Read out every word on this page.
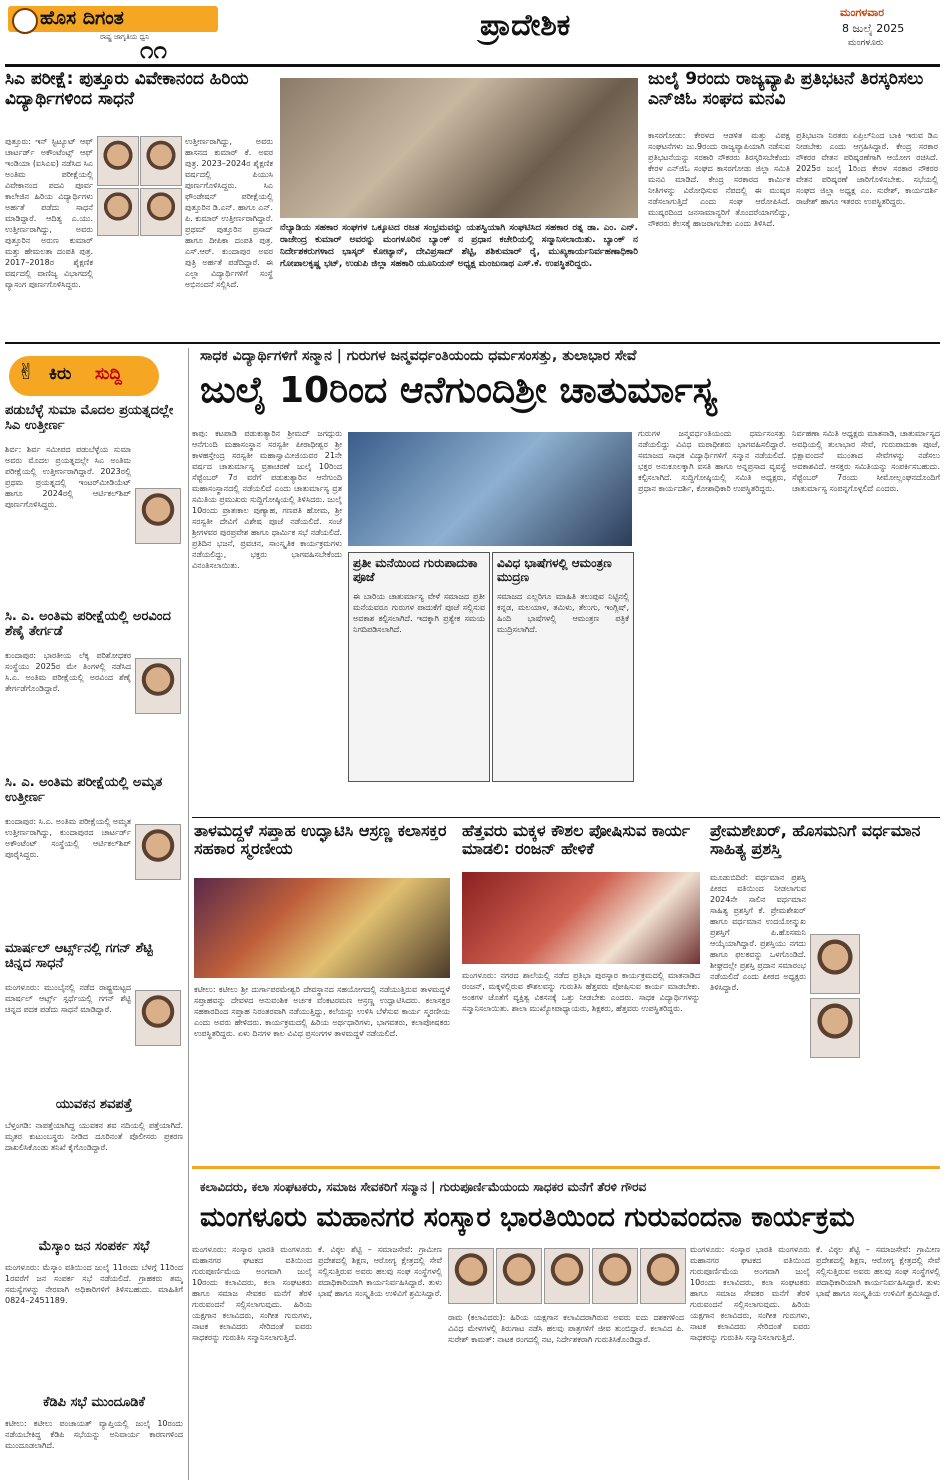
ಹೊಸ ದಿಗಂತ
ರಾಷ್ಟ್ರ ಜಾಗೃತಿಯ ಧ್ವನಿ
೧೧
ಪ್ರಾದೇಶಿಕ	ಮಂಗಳವಾರ
8 ಜುಲೈ 2025
ಮಂಗಳೂರು
ಸಿಎ ಪರೀಕ್ಷೆ: ಪುತ್ತೂರು ವಿವೇಕಾನಂದ ಹಿರಿಯ ವಿದ್ಯಾರ್ಥಿಗಳಿಂದ ಸಾಧನೆ
ಪುತ್ತೂರು: ಇನ್ ಸ್ಟಿಟ್ಯೂಟ್ ಆಫ್ ಚಾರ್ಟರ್ಡ್ ಅಕೌಂಟೆಂಟ್ಸ್ ಆಫ್ ಇಂಡಿಯಾ (ಐಸಿಎಐ) ನಡೆಸಿದ ಸಿಎ ಅಂತಿಮ ಪರೀಕ್ಷೆಯಲ್ಲಿ ವಿವೇಕಾನಂದ ಪದವಿ ಪೂರ್ವ ಕಾಲೇಜಿನ ಹಿರಿಯ ವಿದ್ಯಾರ್ಥಿಗಳು ಅರ್ಹತೆ ಪಡೆದು ಸಾಧನೆ ಮಾಡಿದ್ದಾರೆ. ಆದಿತ್ಯ ಎ.ಯು. ಉತ್ತೀರ್ಣರಾಗಿದ್ದು, ಅವರು ಪುತ್ತೂರಿನ ಅರುಣ ಕುಮಾರ್ ಮತ್ತು ಹೇಮಲತಾ ದಂಪತಿ ಪುತ್ರ. 2017–2018ರ ಶೈಕ್ಷಣಿಕ ವರ್ಷದಲ್ಲಿ ವಾಣಿಜ್ಯ ವಿಭಾಗದಲ್ಲಿ ವ್ಯಾಸಂಗ ಪೂರ್ಣಗೊಳಿಸಿದ್ದರು.
ಉತ್ತೀರ್ಣರಾಗಿದ್ದು, ಅವರು ಹಾಸನದ ಕುಮಾರ್ ಕೆ. ಅವರ ಪುತ್ರ. 2023–2024ರ ಶೈಕ್ಷಣಿಕ ವರ್ಷದಲ್ಲಿ ಪಿಯುಸಿ ಪೂರ್ಣಗೊಳಿಸಿದ್ದರು. ಸಿಎ ಫೌಂಡೇಷನ್ ಪರೀಕ್ಷೆಯಲ್ಲಿ ಪುತ್ತೂರಿನ ಡಿ.ಎನ್. ಹಾಗೂ ಎನ್. ಪಿ. ಕುಮಾರ್ ಉತ್ತೀರ್ಣರಾಗಿದ್ದಾರೆ. ಪ್ರಥಮ್ ಪುತ್ತೂರಿನ ಪ್ರಸಾದ್ ಹಾಗೂ ದೀಪಿಕಾ ದಂಪತಿ ಪುತ್ರ. ಎಸ್.ಆರ್. ಕುಂದಾಪುರ ಅವರ ಪುತ್ರಿ ಅರ್ಹತೆ ಪಡೆದಿದ್ದಾರೆ. ಈ ಎಲ್ಲಾ ವಿದ್ಯಾರ್ಥಿಗಳಿಗೆ ಸಂಸ್ಥೆ ಅಭಿನಂದನೆ ಸಲ್ಲಿಸಿದೆ.
ನೆಲ್ಯಾಡಿಯ ಸಹಕಾರ ಸಂಘಗಳ ಒಕ್ಕೂಟದ ರಜತ ಸಂಭ್ರಮವನ್ನು ಯಶಸ್ವಿಯಾಗಿ ಸಂಘಟಿಸಿದ ಸಹಕಾರ ರತ್ನ ಡಾ. ಎಂ. ಎನ್. ರಾಜೇಂದ್ರ ಕುಮಾರ್ ಅವರನ್ನು ಮಂಗಳೂರಿನ ಬ್ಯಾಂಕ್ ನ ಪ್ರಧಾನ ಕಚೇರಿಯಲ್ಲಿ ಸನ್ಮಾನಿಸಲಾಯಿತು. ಬ್ಯಾಂಕ್ ನ ನಿರ್ದೇಶಕರುಗಳಾದ ಭಾಸ್ಕರ್ ಕೋಟ್ಯಾನ್, ದೇವಿಪ್ರಸಾದ್ ಶೆಟ್ಟಿ, ಶಶಿಕುಮಾರ್ ರೈ, ಮುಖ್ಯಕಾರ್ಯನಿರ್ವಹಣಾಧಿಕಾರಿ ಗೋಪಾಲಕೃಷ್ಣ ಭಟ್, ಉಡುಪಿ ಜಿಲ್ಲಾ ಸಹಕಾರಿ ಯೂನಿಯನ್ ಅಧ್ಯಕ್ಷ ಮಂಜುನಾಥ ಎಸ್.ಕೆ. ಉಪಸ್ಥಿತರಿದ್ದರು.
ಜುಲೈ 9ರಂದು ರಾಜ್ಯವ್ಯಾಪಿ ಪ್ರತಿಭಟನೆ ತಿರಸ್ಕರಿಸಲು ಎನ್‌ಜಿಓ ಸಂಘದ ಮನವಿ
ಕಾಸರಗೋಡು: ಕೇರಳದ ಆಡಳಿತ ಮತ್ತು ವಿಪಕ್ಷ ಸಂಘಟನೆಗಳು ಜು.9ರಂದು ರಾಜ್ಯವ್ಯಾಪಿಯಾಗಿ ನಡೆಸುವ ಪ್ರತಿಭಟನೆಯನ್ನು ಸರಕಾರಿ ನೌಕರರು ತಿರಸ್ಕರಿಸಬೇಕೆಂದು ಕೇರಳ ಎನ್‌ಜಿಓ ಸಂಘದ ಕಾಸರಗೋಡು ಜಿಲ್ಲಾ ಸಮಿತಿ ಮನವಿ ಮಾಡಿದೆ. ಕೇಂದ್ರ ಸರಕಾರದ ಕಾರ್ಮಿಕ ನೀತಿಗಳನ್ನು ವಿರೋಧಿಸುವ ನೆಪದಲ್ಲಿ ಈ ಮುಷ್ಕರ ನಡೆಸಲಾಗುತ್ತಿದೆ ಎಂದು ಸಂಘ ಆರೋಪಿಸಿದೆ. ಮುಷ್ಕರದಿಂದ ಜನಸಾಮಾನ್ಯರಿಗೆ ತೊಂದರೆಯಾಗಲಿದ್ದು, ನೌಕರರು ಕೆಲಸಕ್ಕೆ ಹಾಜರಾಗಬೇಕು ಎಂದು ತಿಳಿಸಿದೆ.
ಪ್ರತಿಭಟನಾ ನಿರತರು ಏಪ್ರಿಲ್‌ನಿಂದ ಬಾಕಿ ಇರುವ ಡಿಎ ನೀಡಬೇಕು ಎಂದು ಆಗ್ರಹಿಸಿದ್ದಾರೆ. ಕೇಂದ್ರ ಸರಕಾರ ನೌಕರರ ವೇತನ ಪರಿಷ್ಕರಣೆಗಾಗಿ ಆಯೋಗ ರಚಿಸಿದೆ. 2025ರ ಜುಲೈ 1ರಿಂದ ಕೇರಳ ಸರಕಾರ ನೌಕರರ ವೇತನ ಪರಿಷ್ಕರಣೆ ಜಾರಿಗೊಳಿಸಬೇಕು. ಸಭೆಯಲ್ಲಿ ಸಂಘದ ಜಿಲ್ಲಾ ಅಧ್ಯಕ್ಷ ಎಂ. ಸುರೇಶ್, ಕಾರ್ಯದರ್ಶಿ ರಾಜೇಶ್ ಹಾಗೂ ಇತರರು ಉಪಸ್ಥಿತರಿದ್ದರು.
✌ ಕಿರು ಸುದ್ದಿ
ಪಡುಬೆಳ್ಳೆ ಸುಮಾ ಮೊದಲ ಪ್ರಯತ್ನದಲ್ಲೇ ಸಿಎ ಉತ್ತೀರ್ಣ
ಶಿರ್ವ: ಶಿರ್ವ ಸಮೀಪದ ಪಡುಬೆಳ್ಳೆಯ ಸುಮಾ ಅವರು ಮೊದಲ ಪ್ರಯತ್ನದಲ್ಲೇ ಸಿಎ ಅಂತಿಮ ಪರೀಕ್ಷೆಯಲ್ಲಿ ಉತ್ತೀರ್ಣರಾಗಿದ್ದಾರೆ. 2023ರಲ್ಲಿ ಪ್ರಥಮ ಪ್ರಯತ್ನದಲ್ಲಿ ಇಂಟರ್‌ಮೀಡಿಯೆಟ್ ಹಾಗೂ 2024ರಲ್ಲಿ ಆರ್ಟಿಕಲ್‌ಶಿಪ್ ಪೂರ್ಣಗೊಳಿಸಿದ್ದರು.
ಸಿ. ಎ. ಅಂತಿಮ ಪರೀಕ್ಷೆಯಲ್ಲಿ ಅರವಿಂದ ಶೆಣೈ ತೇರ್ಗಡೆ
ಕುಂದಾಪುರ: ಭಾರತೀಯ ಲೆಕ್ಕ ಪರಿಶೋಧಕರ ಸಂಸ್ಥೆಯು 2025ರ ಮೇ ತಿಂಗಳಲ್ಲಿ ನಡೆಸಿದ ಸಿ.ಎ. ಅಂತಿಮ ಪರೀಕ್ಷೆಯಲ್ಲಿ ಅರವಿಂದ ಶೆಣೈ ತೇರ್ಗಡೆಗೊಂಡಿದ್ದಾರೆ.
ಸಿ. ಎ. ಅಂತಿಮ ಪರೀಕ್ಷೆಯಲ್ಲಿ ಅಮೃತ ಉತ್ತೀರ್ಣ
ಕುಂದಾಪುರ: ಸಿ.ಎ. ಅಂತಿಮ ಪರೀಕ್ಷೆಯಲ್ಲಿ ಅಮೃತ ಉತ್ತೀರ್ಣರಾಗಿದ್ದು, ಕುಂದಾಪುರದ ಚಾರ್ಟರ್ಡ್ ಅಕೌಂಟೆಂಟ್ ಸಂಸ್ಥೆಯಲ್ಲಿ ಆರ್ಟಿಕಲ್‌ಶಿಪ್ ಪೂರೈಸಿದ್ದರು.
ಮಾರ್ಷಲ್ ಆರ್ಟ್ಸ್‌ನಲ್ಲಿ ಗಗನ್ ಶೆಟ್ಟಿ ಚಿನ್ನದ ಸಾಧನೆ
ಮಂಗಳೂರು: ಮುಂಬೈನಲ್ಲಿ ನಡೆದ ರಾಷ್ಟ್ರಮಟ್ಟದ ಮಾರ್ಷಲ್ ಆರ್ಟ್ಸ್ ಸ್ಪರ್ಧೆಯಲ್ಲಿ ಗಗನ್ ಶೆಟ್ಟಿ ಚಿನ್ನದ ಪದಕ ಪಡೆದು ಸಾಧನೆ ಮಾಡಿದ್ದಾರೆ.
ಯುವಕನ ಶವಪತ್ತೆ
ಬೆಳ್ತಂಗಡಿ: ನಾಪತ್ತೆಯಾಗಿದ್ದ ಯುವಕನ ಶವ ನದಿಯಲ್ಲಿ ಪತ್ತೆಯಾಗಿದೆ. ಮೃತರ ಕುಟುಂಬಸ್ಥರು ನೀಡಿದ ದೂರಿನಂತೆ ಪೊಲೀಸರು ಪ್ರಕರಣ ದಾಖಲಿಸಿಕೊಂಡು ತನಿಖೆ ಕೈಗೊಂಡಿದ್ದಾರೆ.
ಮೆಸ್ಕಾಂ ಜನ ಸಂಪರ್ಕ ಸಭೆ
ಮಂಗಳೂರು: ಮೆಸ್ಕಾಂ ವತಿಯಿಂದ ಜುಲೈ 11ರಂದು ಬೆಳಗ್ಗೆ 11ರಿಂದ 1ರವರೆಗೆ ಜನ ಸಂಪರ್ಕ ಸಭೆ ನಡೆಯಲಿದೆ. ಗ್ರಾಹಕರು ತಮ್ಮ ಸಮಸ್ಯೆಗಳನ್ನು ನೇರವಾಗಿ ಅಧಿಕಾರಿಗಳಿಗೆ ತಿಳಿಸಬಹುದು. ಮಾಹಿತಿಗೆ 0824–2451189.
ಕೆಡಿಪಿ ಸಭೆ ಮುಂದೂಡಿಕೆ
ಕಟೀಲು: ಕಟೀಲು ಪಂಚಾಯತ್ ವ್ಯಾಪ್ತಿಯಲ್ಲಿ ಜುಲೈ 10ರಂದು ನಡೆಯಬೇಕಿದ್ದ ಕೆಡಿಪಿ ಸಭೆಯನ್ನು ಅನಿವಾರ್ಯ ಕಾರಣಗಳಿಂದ ಮುಂದೂಡಲಾಗಿದೆ.
ಸಾಧಕ ವಿದ್ಯಾರ್ಥಿಗಳಿಗೆ ಸನ್ಮಾನ | ಗುರುಗಳ ಜನ್ಮವರ್ಧಂತಿಯಂದು ಧರ್ಮಸಂಸತ್ತು, ತುಲಾಭಾರ ಸೇವೆ
ಜುಲೈ 10ರಿಂದ ಆನೆಗುಂದಿಶ್ರೀ ಚಾತುರ್ಮಾಸ್ಯ
ಕಾಪು: ಕಟಪಾಡಿ ಪಡುಕುತ್ಯಾರಿನ ಶ್ರೀಮದ್ ಜಗದ್ಗುರು ಆನೆಗುಂದಿ ಮಹಾಸಂಸ್ಥಾನ ಸರಸ್ವತೀ ಪೀಠಾಧೀಶ್ವರ ಶ್ರೀ ಕಾಳಹಸ್ತೇಂದ್ರ ಸರಸ್ವತೀ ಮಹಾಸ್ವಾಮೀಜಿಯವರ 21ನೇ ವರ್ಷದ ಚಾತುರ್ಮಾಸ್ಯ ವ್ರತಾಚರಣೆ ಜುಲೈ 10ರಿಂದ ಸೆಪ್ಟೆಂಬರ್ 7ರ ವರೆಗೆ ಪಡುಕುತ್ಯಾರಿನ ಆನೆಗುಂದಿ ಮಹಾಸಂಸ್ಥಾನದಲ್ಲಿ ನಡೆಯಲಿದೆ ಎಂದು ಚಾತುರ್ಮಾಸ್ಯ ವ್ರತ ಸಮಿತಿಯ ಪ್ರಮುಖರು ಸುದ್ದಿಗೋಷ್ಠಿಯಲ್ಲಿ ತಿಳಿಸಿದರು. ಜುಲೈ 10ರಂದು ಪ್ರಾತಃಕಾಲ ಪುಣ್ಯಾಹ, ಗಣಪತಿ ಹೋಮ, ಶ್ರೀ ಸರಸ್ವತೀ ದೇವಿಗೆ ವಿಶೇಷ ಪೂಜೆ ನಡೆಯಲಿದೆ. ಸಂಜೆ ಶ್ರೀಗಳವರ ಪುರಪ್ರವೇಶ ಹಾಗೂ ಧಾರ್ಮಿಕ ಸಭೆ ನಡೆಯಲಿದೆ. ಪ್ರತಿದಿನ ಭಜನೆ, ಪ್ರವಚನ, ಸಾಂಸ್ಕೃತಿಕ ಕಾರ್ಯಕ್ರಮಗಳು ನಡೆಯಲಿದ್ದು, ಭಕ್ತರು ಭಾಗವಹಿಸಬೇಕೆಂದು ವಿನಂತಿಸಲಾಯಿತು.	ಪ್ರತೀ ಮನೆಯಿಂದ ಗುರುಪಾದುಕಾ ಪೂಜೆ
ಈ ಬಾರಿಯ ಚಾತುರ್ಮಾಸ್ಯ ವೇಳೆ ಸಮಾಜದ ಪ್ರತೀ ಮನೆಯವರೂ ಗುರುಗಳ ಪಾದುಕೆಗೆ ಪೂಜೆ ಸಲ್ಲಿಸುವ ಅವಕಾಶ ಕಲ್ಪಿಸಲಾಗಿದೆ. ಇದಕ್ಕಾಗಿ ಪ್ರತ್ಯೇಕ ಸಮಯ ನಿಗದಿಪಡಿಸಲಾಗಿದೆ.
ವಿವಿಧ ಭಾಷೆಗಳಲ್ಲಿ ಆಮಂತ್ರಣ ಮುದ್ರಣ
ಸಮಾಜದ ಎಲ್ಲರಿಗೂ ಮಾಹಿತಿ ತಲುಪುವ ನಿಟ್ಟಿನಲ್ಲಿ ಕನ್ನಡ, ಮಲಯಾಳ, ತಮಿಳು, ತೆಲುಗು, ಇಂಗ್ಲಿಷ್, ಹಿಂದಿ ಭಾಷೆಗಳಲ್ಲಿ ಆಮಂತ್ರಣ ಪತ್ರಿಕೆ ಮುದ್ರಿಸಲಾಗಿದೆ.
ಗುರುಗಳ ಜನ್ಮವರ್ಧಂತಿಯಂದು ಧರ್ಮಸಂಸತ್ತು ನಡೆಯಲಿದ್ದು ವಿವಿಧ ಮಠಾಧೀಶರು ಭಾಗವಹಿಸಲಿದ್ದಾರೆ. ಸಮಾಜದ ಸಾಧಕ ವಿದ್ಯಾರ್ಥಿಗಳಿಗೆ ಸನ್ಮಾನ ನಡೆಯಲಿದೆ. ಭಕ್ತರ ಅನುಕೂಲಕ್ಕಾಗಿ ವಸತಿ ಹಾಗೂ ಅನ್ನಪ್ರಸಾದ ವ್ಯವಸ್ಥೆ ಕಲ್ಪಿಸಲಾಗಿದೆ. ಸುದ್ದಿಗೋಷ್ಠಿಯಲ್ಲಿ ಸಮಿತಿ ಅಧ್ಯಕ್ಷರು, ಪ್ರಧಾನ ಕಾರ್ಯದರ್ಶಿ, ಕೋಶಾಧಿಕಾರಿ ಉಪಸ್ಥಿತರಿದ್ದರು.
ನಿರ್ವಹಣಾ ಸಮಿತಿ ಅಧ್ಯಕ್ಷರು ಮಾತನಾಡಿ, ಚಾತುರ್ಮಾಸ್ಯದ ಅವಧಿಯಲ್ಲಿ ತುಲಾಭಾರ ಸೇವೆ, ಗುರುಪಾದುಕಾ ಪೂಜೆ, ಭಿಕ್ಷಾವಂದನೆ ಮುಂತಾದ ಸೇವೆಗಳನ್ನು ನಡೆಸಲು ಅವಕಾಶವಿದೆ. ಆಸಕ್ತರು ಸಮಿತಿಯನ್ನು ಸಂಪರ್ಕಿಸಬಹುದು. ಸೆಪ್ಟೆಂಬರ್ 7ರಂದು ಸೀಮೋಲ್ಲಂಘನದೊಂದಿಗೆ ಚಾತುರ್ಮಾಸ್ಯ ಸಂಪನ್ನಗೊಳ್ಳಲಿದೆ ಎಂದರು.
ತಾಳಮದ್ದಳೆ ಸಪ್ತಾಹ ಉದ್ಘಾಟಿಸಿ ಆಸ್ರಣ್ಣ ಕಲಾಸಕ್ತರ ಸಹಕಾರ ಸ್ಮರಣೀಯ
ಕಟೀಲು: ಕಟೀಲು ಶ್ರೀ ದುರ್ಗಾಪರಮೇಶ್ವರಿ ದೇವಸ್ಥಾನದ ಸಹಯೋಗದಲ್ಲಿ ನಡೆಯುತ್ತಿರುವ ತಾಳಮದ್ದಳೆ ಸಪ್ತಾಹವನ್ನು ದೇವಳದ ಆನುವಂಶಿಕ ಅರ್ಚಕ ವೆಂಕಟರಮಣ ಆಸ್ರಣ್ಣ ಉದ್ಘಾಟಿಸಿದರು. ಕಲಾಸಕ್ತರ ಸಹಕಾರದಿಂದ ಸಪ್ತಾಹ ನಿರಂತರವಾಗಿ ನಡೆಯುತ್ತಿದ್ದು, ಕಲೆಯನ್ನು ಉಳಿಸಿ ಬೆಳೆಸುವ ಕಾರ್ಯ ಸ್ಮರಣೀಯ ಎಂದು ಅವರು ಹೇಳಿದರು. ಕಾರ್ಯಕ್ರಮದಲ್ಲಿ ಹಿರಿಯ ಅರ್ಥಧಾರಿಗಳು, ಭಾಗವತರು, ಕಲಾಪೋಷಕರು ಉಪಸ್ಥಿತರಿದ್ದರು. ಏಳು ದಿನಗಳ ಕಾಲ ವಿವಿಧ ಪ್ರಸಂಗಗಳ ತಾಳಮದ್ದಳೆ ನಡೆಯಲಿದೆ.
ಹೆತ್ತವರು ಮಕ್ಕಳ ಕೌಶಲ ಪೋಷಿಸುವ ಕಾರ್ಯ ಮಾಡಲಿ: ರಂಜನ್ ಹೇಳಿಕೆ
ಮಂಗಳೂರು: ನಗರದ ಶಾಲೆಯಲ್ಲಿ ನಡೆದ ಪ್ರತಿಭಾ ಪುರಸ್ಕಾರ ಕಾರ್ಯಕ್ರಮದಲ್ಲಿ ಮಾತನಾಡಿದ ರಂಜನ್, ಮಕ್ಕಳಲ್ಲಿರುವ ಕೌಶಲವನ್ನು ಗುರುತಿಸಿ ಹೆತ್ತವರು ಪೋಷಿಸುವ ಕಾರ್ಯ ಮಾಡಬೇಕು. ಅಂಕಗಳ ಜೊತೆಗೆ ವ್ಯಕ್ತಿತ್ವ ವಿಕಸನಕ್ಕೆ ಒತ್ತು ನೀಡಬೇಕು ಎಂದರು. ಸಾಧಕ ವಿದ್ಯಾರ್ಥಿಗಳನ್ನು ಸನ್ಮಾನಿಸಲಾಯಿತು. ಶಾಲಾ ಮುಖ್ಯೋಪಾಧ್ಯಾಯರು, ಶಿಕ್ಷಕರು, ಹೆತ್ತವರು ಉಪಸ್ಥಿತರಿದ್ದರು.
ಪ್ರೇಮಶೇಖರ್, ಹೊಸಮನಿಗೆ ವರ್ಧಮಾನ ಸಾಹಿತ್ಯ ಪ್ರಶಸ್ತಿ
ಮೂಡುಬಿದಿರೆ: ವರ್ಧಮಾನ ಪ್ರಶಸ್ತಿ ಪೀಠದ ವತಿಯಿಂದ ನೀಡಲಾಗುವ 2024ನೇ ಸಾಲಿನ ವರ್ಧಮಾನ ಸಾಹಿತ್ಯ ಪ್ರಶಸ್ತಿಗೆ ಕೆ. ಪ್ರೇಮಶೇಖರ್ ಹಾಗೂ ವರ್ಧಮಾನ ಉದಯೋನ್ಮುಖ ಪ್ರಶಸ್ತಿಗೆ ಪಿ.ಹೊಸಮನಿ ಆಯ್ಕೆಯಾಗಿದ್ದಾರೆ. ಪ್ರಶಸ್ತಿಯು ನಗದು ಹಾಗೂ ಫಲಕವನ್ನು ಒಳಗೊಂಡಿದೆ. ಶೀಘ್ರದಲ್ಲೇ ಪ್ರಶಸ್ತಿ ಪ್ರದಾನ ಸಮಾರಂಭ ನಡೆಯಲಿದೆ ಎಂದು ಪೀಠದ ಅಧ್ಯಕ್ಷರು ತಿಳಿಸಿದ್ದಾರೆ.
ಕಲಾವಿದರು, ಕಲಾ ಸಂಘಟಕರು, ಸಮಾಜ ಸೇವಕರಿಗೆ ಸನ್ಮಾನ | ಗುರುಪೂರ್ಣಿಮೆಯಂದು ಸಾಧಕರ ಮನೆಗೆ ತೆರಳಿ ಗೌರವ
ಮಂಗಳೂರು ಮಹಾನಗರ ಸಂಸ್ಕಾರ ಭಾರತಿಯಿಂದ ಗುರುವಂದನಾ ಕಾರ್ಯಕ್ರಮ
ಮಂಗಳೂರು: ಸಂಸ್ಕಾರ ಭಾರತಿ ಮಂಗಳೂರು ಮಹಾನಗರ ಘಟಕದ ವತಿಯಿಂದ ಗುರುಪೂರ್ಣಿಮೆಯ ಅಂಗವಾಗಿ ಜುಲೈ 10ರಂದು ಕಲಾವಿದರು, ಕಲಾ ಸಂಘಟಕರು ಹಾಗೂ ಸಮಾಜ ಸೇವಕರ ಮನೆಗೆ ತೆರಳಿ ಗುರುವಂದನೆ ಸಲ್ಲಿಸಲಾಗುವುದು. ಹಿರಿಯ ಯಕ್ಷಗಾನ ಕಲಾವಿದರು, ಸಂಗೀತ ಗುರುಗಳು, ನಾಟಕ ಕಲಾವಿದರು ಸೇರಿದಂತೆ ಐವರು ಸಾಧಕರನ್ನು ಗುರುತಿಸಿ ಸನ್ಮಾನಿಸಲಾಗುತ್ತಿದೆ.
ಕೆ. ವಿಠ್ಠಲ ಶೆಟ್ಟಿ – ಸಮಾಜಸೇವೆ: ಗ್ರಾಮೀಣ ಪ್ರದೇಶದಲ್ಲಿ ಶಿಕ್ಷಣ, ಆರೋಗ್ಯ ಕ್ಷೇತ್ರದಲ್ಲಿ ಸೇವೆ ಸಲ್ಲಿಸುತ್ತಿರುವ ಅವರು ಹಲವು ಸಂಘ ಸಂಸ್ಥೆಗಳಲ್ಲಿ ಪದಾಧಿಕಾರಿಯಾಗಿ ಕಾರ್ಯನಿರ್ವಹಿಸಿದ್ದಾರೆ. ತುಳು ಭಾಷೆ ಹಾಗೂ ಸಂಸ್ಕೃತಿಯ ಉಳಿವಿಗೆ ಶ್ರಮಿಸಿದ್ದಾರೆ.
ರಾಮ (ಕಲಾವಿದರು): ಹಿರಿಯ ಯಕ್ಷಗಾನ ಕಲಾವಿದರಾಗಿರುವ ಅವರು ಐದು ದಶಕಗಳಿಂದ ವಿವಿಧ ಮೇಳಗಳಲ್ಲಿ ತಿರುಗಾಟ ನಡೆಸಿ ಹಲವು ಪಾತ್ರಗಳಿಗೆ ಜೀವ ತುಂಬಿದ್ದಾರೆ. ಕಲಾವಿದ ಪಿ. ಸುರೇಶ್ ಕಾಮತ್: ನಾಟಕ ರಂಗದಲ್ಲಿ ನಟ, ನಿರ್ದೇಶಕರಾಗಿ ಗುರುತಿಸಿಕೊಂಡಿದ್ದಾರೆ.
ಮಂಗಳೂರು: ಸಂಸ್ಕಾರ ಭಾರತಿ ಮಂಗಳೂರು ಮಹಾನಗರ ಘಟಕದ ವತಿಯಿಂದ ಗುರುಪೂರ್ಣಿಮೆಯ ಅಂಗವಾಗಿ ಜುಲೈ 10ರಂದು ಕಲಾವಿದರು, ಕಲಾ ಸಂಘಟಕರು ಹಾಗೂ ಸಮಾಜ ಸೇವಕರ ಮನೆಗೆ ತೆರಳಿ ಗುರುವಂದನೆ ಸಲ್ಲಿಸಲಾಗುವುದು. ಹಿರಿಯ ಯಕ್ಷಗಾನ ಕಲಾವಿದರು, ಸಂಗೀತ ಗುರುಗಳು, ನಾಟಕ ಕಲಾವಿದರು ಸೇರಿದಂತೆ ಐವರು ಸಾಧಕರನ್ನು ಗುರುತಿಸಿ ಸನ್ಮಾನಿಸಲಾಗುತ್ತಿದೆ.
ಕೆ. ವಿಠ್ಠಲ ಶೆಟ್ಟಿ – ಸಮಾಜಸೇವೆ: ಗ್ರಾಮೀಣ ಪ್ರದೇಶದಲ್ಲಿ ಶಿಕ್ಷಣ, ಆರೋಗ್ಯ ಕ್ಷೇತ್ರದಲ್ಲಿ ಸೇವೆ ಸಲ್ಲಿಸುತ್ತಿರುವ ಅವರು ಹಲವು ಸಂಘ ಸಂಸ್ಥೆಗಳಲ್ಲಿ ಪದಾಧಿಕಾರಿಯಾಗಿ ಕಾರ್ಯನಿರ್ವಹಿಸಿದ್ದಾರೆ. ತುಳು ಭಾಷೆ ಹಾಗೂ ಸಂಸ್ಕೃತಿಯ ಉಳಿವಿಗೆ ಶ್ರಮಿಸಿದ್ದಾರೆ.
